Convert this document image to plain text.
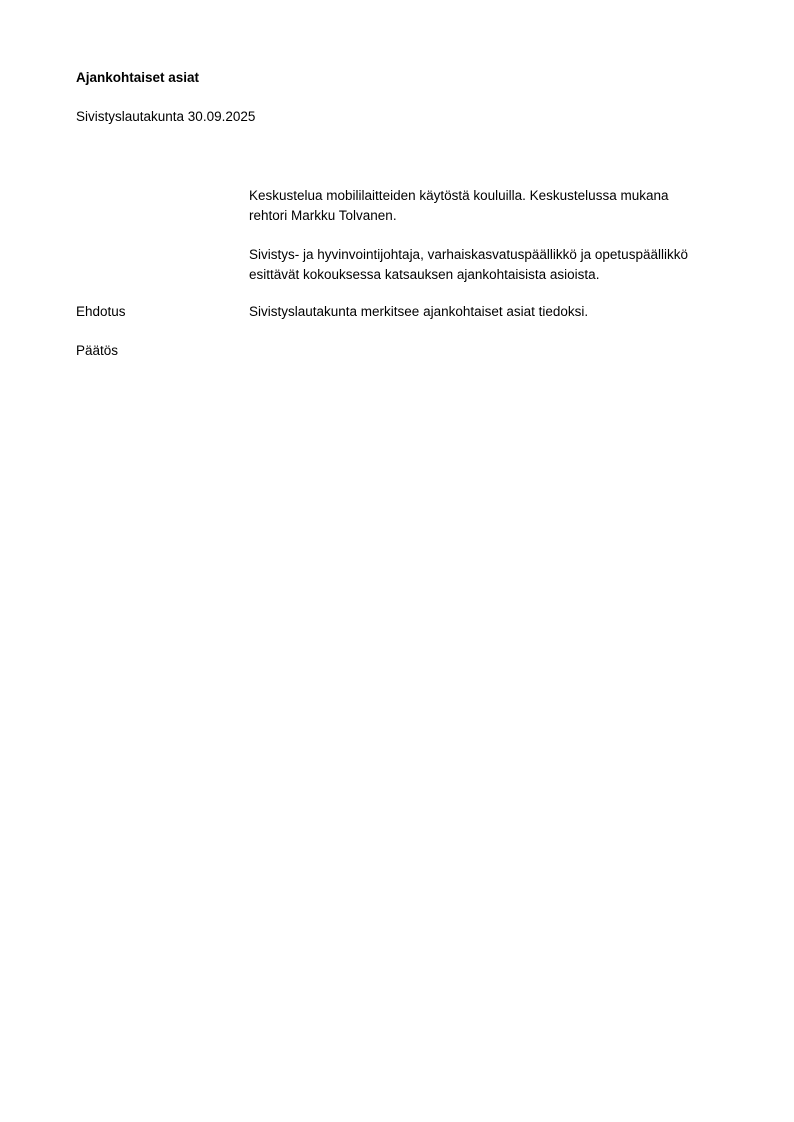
Ajankohtaiset asiat
Sivistyslautakunta 30.09.2025
Keskustelua mobililaitteiden käytöstä kouluilla. Keskustelussa mukana
rehtori Markku Tolvanen.
Sivistys- ja hyvinvointijohtaja, varhaiskasvatuspäällikkö ja opetuspäällikkö
esittävät kokouksessa katsauksen ajankohtaisista asioista.
Ehdotus	Sivistyslautakunta merkitsee ajankohtaiset asiat tiedoksi.
Päätös
